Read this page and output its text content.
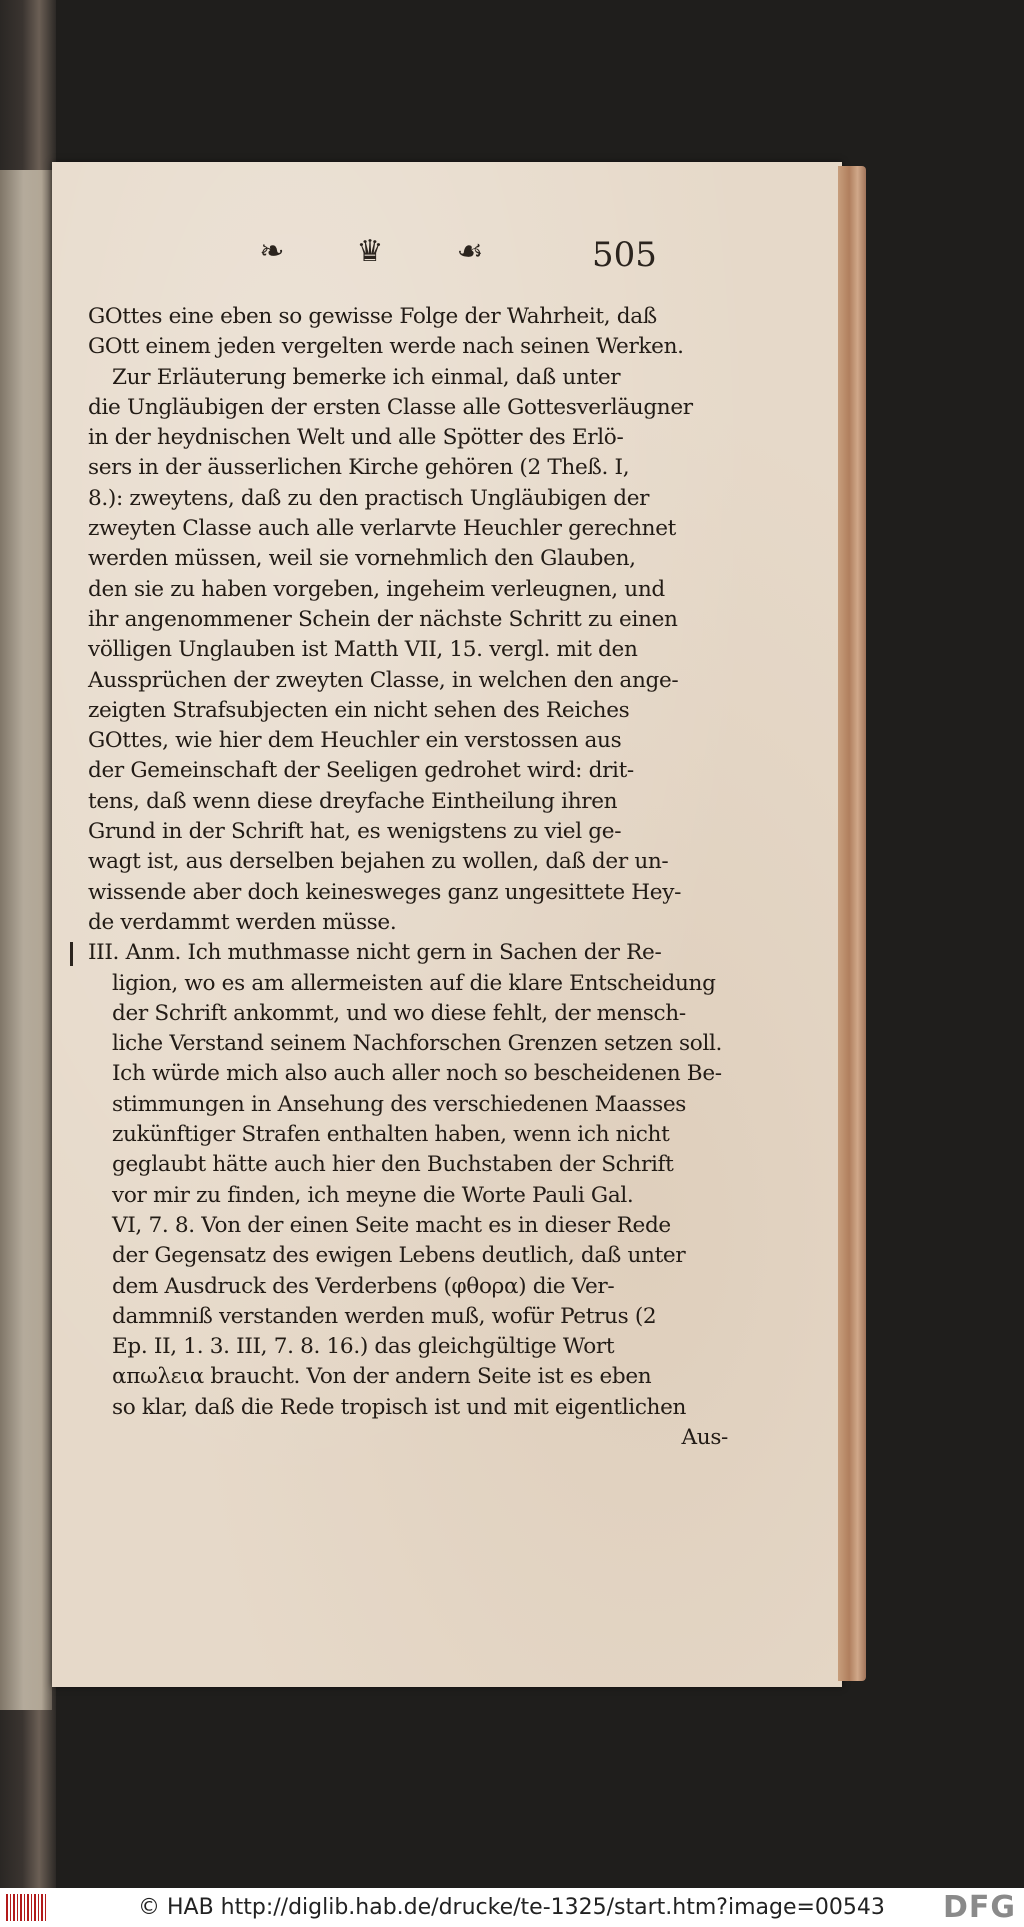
❧	♛	☙	505
GOttes eine eben so gewisse Folge der Wahrheit, daß
GOtt einem jeden vergelten werde nach seinen Werken.
Zur Erläuterung bemerke ich einmal, daß unter
die Ungläubigen der ersten Classe alle Gottesverläugner
in der heydnischen Welt und alle Spötter des Erlö-
sers in der äusserlichen Kirche gehören (2 Theß. I,
8.): zweytens, daß zu den practisch Ungläubigen der
zweyten Classe auch alle verlarvte Heuchler gerechnet
werden müssen, weil sie vornehmlich den Glauben,
den sie zu haben vorgeben, ingeheim verleugnen, und
ihr angenommener Schein der nächste Schritt zu einen
völligen Unglauben ist Matth VII, 15. vergl. mit den
Aussprüchen der zweyten Classe, in welchen den ange-
zeigten Strafsubjecten ein nicht sehen des Reiches
GOttes, wie hier dem Heuchler ein verstossen aus
der Gemeinschaft der Seeligen gedrohet wird: drit-
tens, daß wenn diese dreyfache Eintheilung ihren
Grund in der Schrift hat, es wenigstens zu viel ge-
wagt ist, aus derselben bejahen zu wollen, daß der un-
wissende aber doch keinesweges ganz ungesittete Hey-
de verdammt werden müsse.
III. Anm. Ich muthmasse nicht gern in Sachen der Re-
ligion, wo es am allermeisten auf die klare Entscheidung
der Schrift ankommt, und wo diese fehlt, der mensch-
liche Verstand seinem Nachforschen Grenzen setzen soll.
Ich würde mich also auch aller noch so bescheidenen Be-
stimmungen in Ansehung des verschiedenen Maasses
zukünftiger Strafen enthalten haben, wenn ich nicht
geglaubt hätte auch hier den Buchstaben der Schrift
vor mir zu finden, ich meyne die Worte Pauli Gal.
VI, 7. 8. Von der einen Seite macht es in dieser Rede
der Gegensatz des ewigen Lebens deutlich, daß unter
dem Ausdruck des Verderbens (φθορα) die Ver-
dammniß verstanden werden muß, wofür Petrus (2
Ep. II, 1. 3. III, 7. 8. 16.) das gleichgültige Wort
απωλεια braucht. Von der andern Seite ist es eben
so klar, daß die Rede tropisch ist und mit eigentlichen
Aus-
© HAB http://diglib.hab.de/drucke/te-1325/start.htm?image=00543 DFG
